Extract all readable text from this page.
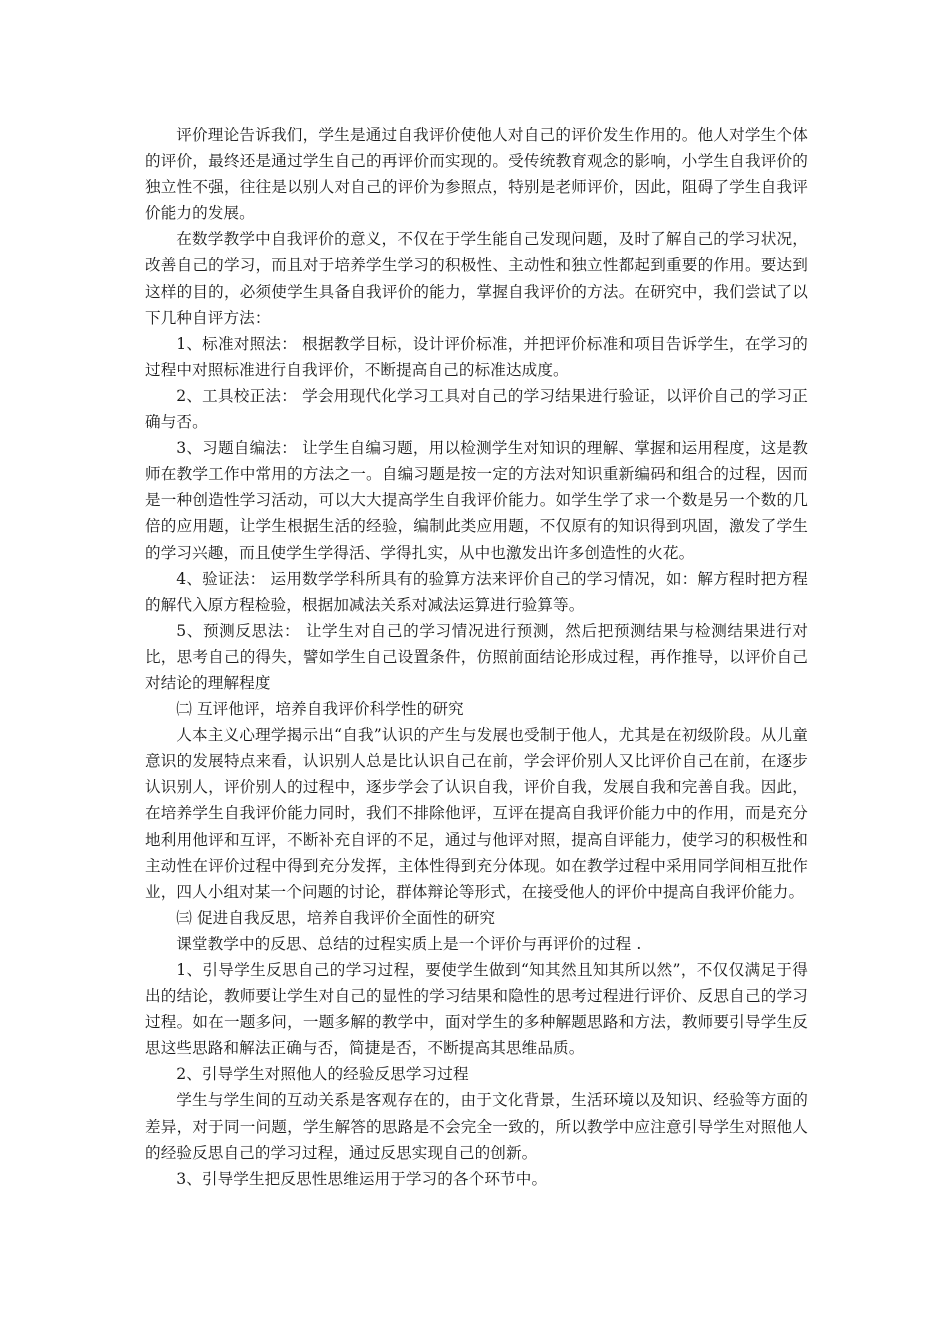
评价理论告诉我们，学生是通过自我评价使他人对自己的评价发生作用的。他人对学生个体的评价，最终还是通过学生自己的再评价而实现的。受传统教育观念的影响，小学生自我评价的独立性不强，往往是以别人对自己的评价为参照点，特别是老师评价，因此，阻碍了学生自我评价能力的发展。

在数学教学中自我评价的意义，不仅在于学生能自己发现问题，及时了解自己的学习状况，改善自己的学习，而且对于培养学生学习的积极性、主动性和独立性都起到重要的作用。要达到这样的目的，必须使学生具备自我评价的能力，掌握自我评价的方法。在研究中，我们尝试了以下几种自评方法：

1、标准对照法： 根据教学目标，设计评价标准，并把评价标准和项目告诉学生，在学习的过程中对照标准进行自我评价，不断提高自己的标准达成度。

2、工具校正法： 学会用现代化学习工具对自己的学习结果进行验证，以评价自己的学习正确与否。

3、习题自编法： 让学生自编习题，用以检测学生对知识的理解、掌握和运用程度，这是教师在教学工作中常用的方法之一。自编习题是按一定的方法对知识重新编码和组合的过程，因而是一种创造性学习活动，可以大大提高学生自我评价能力。如学生学了求一个数是另一个数的几倍的应用题，让学生根据生活的经验，编制此类应用题，不仅原有的知识得到巩固，激发了学生的学习兴趣，而且使学生学得活、学得扎实，从中也激发出许多创造性的火花。

4、验证法： 运用数学学科所具有的验算方法来评价自己的学习情况，如：解方程时把方程的解代入原方程检验，根据加减法关系对减法运算进行验算等。

5、预测反思法： 让学生对自己的学习情况进行预测，然后把预测结果与检测结果进行对比，思考自己的得失，譬如学生自己设置条件，仿照前面结论形成过程，再作推导，以评价自己对结论的理解程度

㈡ 互评他评，培养自我评价科学性的研究

人本主义心理学揭示出“自我”认识的产生与发展也受制于他人，尤其是在初级阶段。从儿童意识的发展特点来看，认识别人总是比认识自己在前，学会评价别人又比评价自己在前，在逐步认识别人，评价别人的过程中，逐步学会了认识自我，评价自我，发展自我和完善自我。因此，在培养学生自我评价能力同时，我们不排除他评，互评在提高自我评价能力中的作用，而是充分地利用他评和互评，不断补充自评的不足，通过与他评对照，提高自评能力，使学习的积极性和主动性在评价过程中得到充分发挥，主体性得到充分体现。如在教学过程中采用同学间相互批作业，四人小组对某一个问题的讨论，群体辩论等形式，在接受他人的评价中提高自我评价能力。

㈢ 促进自我反思，培养自我评价全面性的研究

课堂教学中的反思、总结的过程实质上是一个评价与再评价的过程 .

1、引导学生反思自己的学习过程，要使学生做到“知其然且知其所以然”，不仅仅满足于得出的结论，教师要让学生对自己的显性的学习结果和隐性的思考过程进行评价、反思自己的学习过程。如在一题多问，一题多解的教学中，面对学生的多种解题思路和方法，教师要引导学生反思这些思路和解法正确与否，简捷是否，不断提高其思维品质。

2、引导学生对照他人的经验反思学习过程

学生与学生间的互动关系是客观存在的，由于文化背景，生活环境以及知识、经验等方面的差异，对于同一问题，学生解答的思路是不会完全一致的，所以教学中应注意引导学生对照他人的经验反思自己的学习过程，通过反思实现自己的创新。

3、引导学生把反思性思维运用于学习的各个环节中。
